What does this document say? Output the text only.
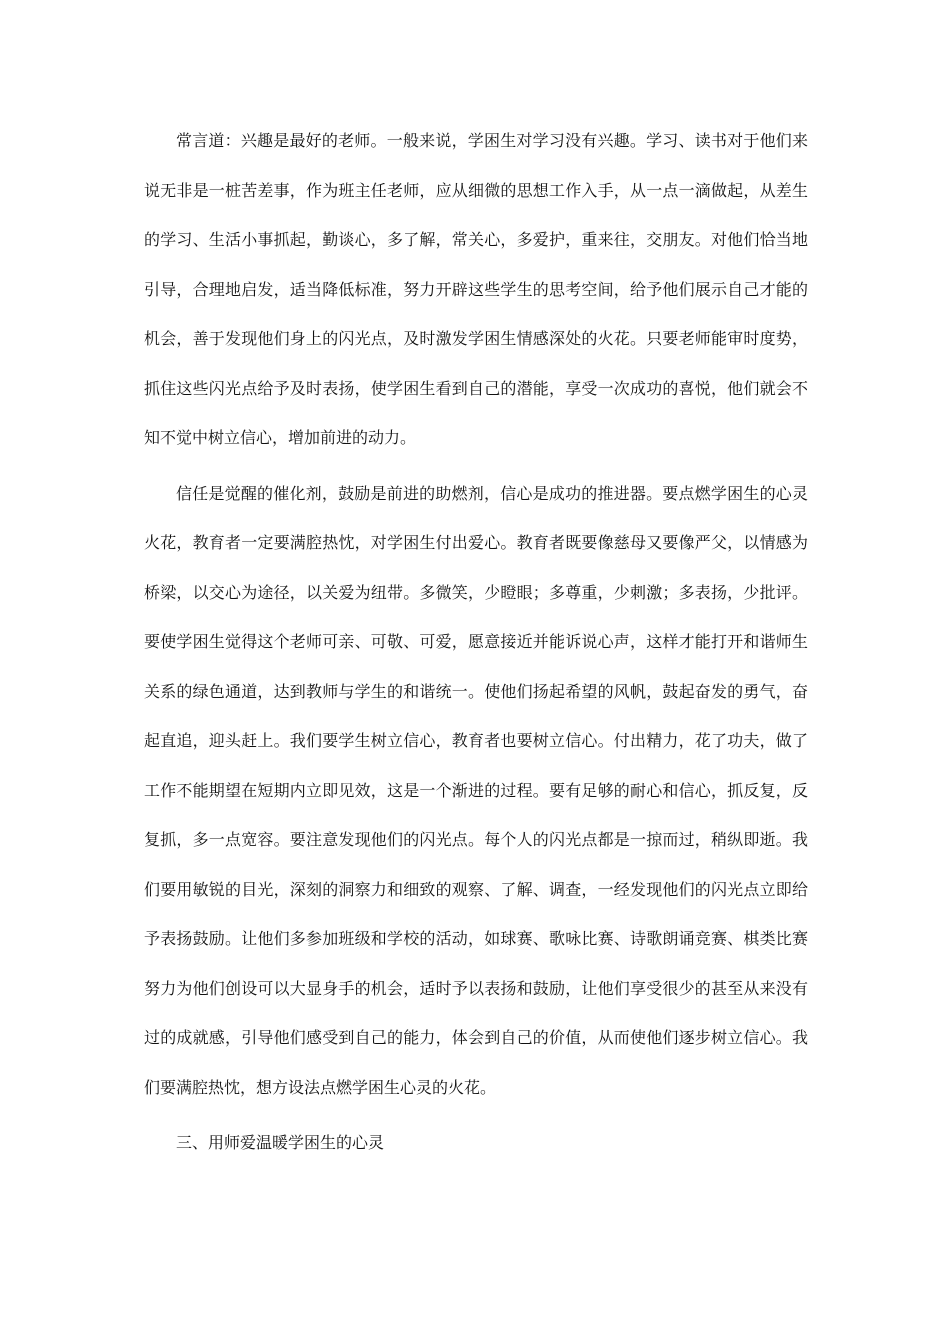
常言道：兴趣是最好的老师。一般来说，学困生对学习没有兴趣。学习、读书对于他们来说无非是一桩苦差事，作为班主任老师，应从细微的思想工作入手，从一点一滴做起，从差生的学习、生活小事抓起，勤谈心，多了解，常关心，多爱护，重来往，交朋友。对他们恰当地引导，合理地启发，适当降低标准，努力开辟这些学生的思考空间，给予他们展示自己才能的机会，善于发现他们身上的闪光点，及时激发学困生情感深处的火花。只要老师能审时度势，抓住这些闪光点给予及时表扬，使学困生看到自己的潜能，享受一次成功的喜悦，他们就会不知不觉中树立信心，增加前进的动力。

信任是觉醒的催化剂，鼓励是前进的助燃剂，信心是成功的推进器。要点燃学困生的心灵火花，教育者一定要满腔热忱，对学困生付出爱心。教育者既要像慈母又要像严父，以情感为桥梁，以交心为途径，以关爱为纽带。多微笑，少瞪眼；多尊重，少刺激；多表扬，少批评。要使学困生觉得这个老师可亲、可敬、可爱，愿意接近并能诉说心声，这样才能打开和谐师生关系的绿色通道，达到教师与学生的和谐统一。使他们扬起希望的风帆，鼓起奋发的勇气，奋起直追，迎头赶上。我们要学生树立信心，教育者也要树立信心。付出精力，花了功夫，做了工作不能期望在短期内立即见效，这是一个渐进的过程。要有足够的耐心和信心，抓反复，反复抓，多一点宽容。要注意发现他们的闪光点。每个人的闪光点都是一掠而过，稍纵即逝。我们要用敏锐的目光，深刻的洞察力和细致的观察、了解、调查，一经发现他们的闪光点立即给予表扬鼓励。让他们多参加班级和学校的活动，如球赛、歌咏比赛、诗歌朗诵竞赛、棋类比赛努力为他们创设可以大显身手的机会，适时予以表扬和鼓励，让他们享受很少的甚至从来没有过的成就感，引导他们感受到自己的能力，体会到自己的价值，从而使他们逐步树立信心。我们要满腔热忱，想方设法点燃学困生心灵的火花。

三、用师爱温暖学困生的心灵
